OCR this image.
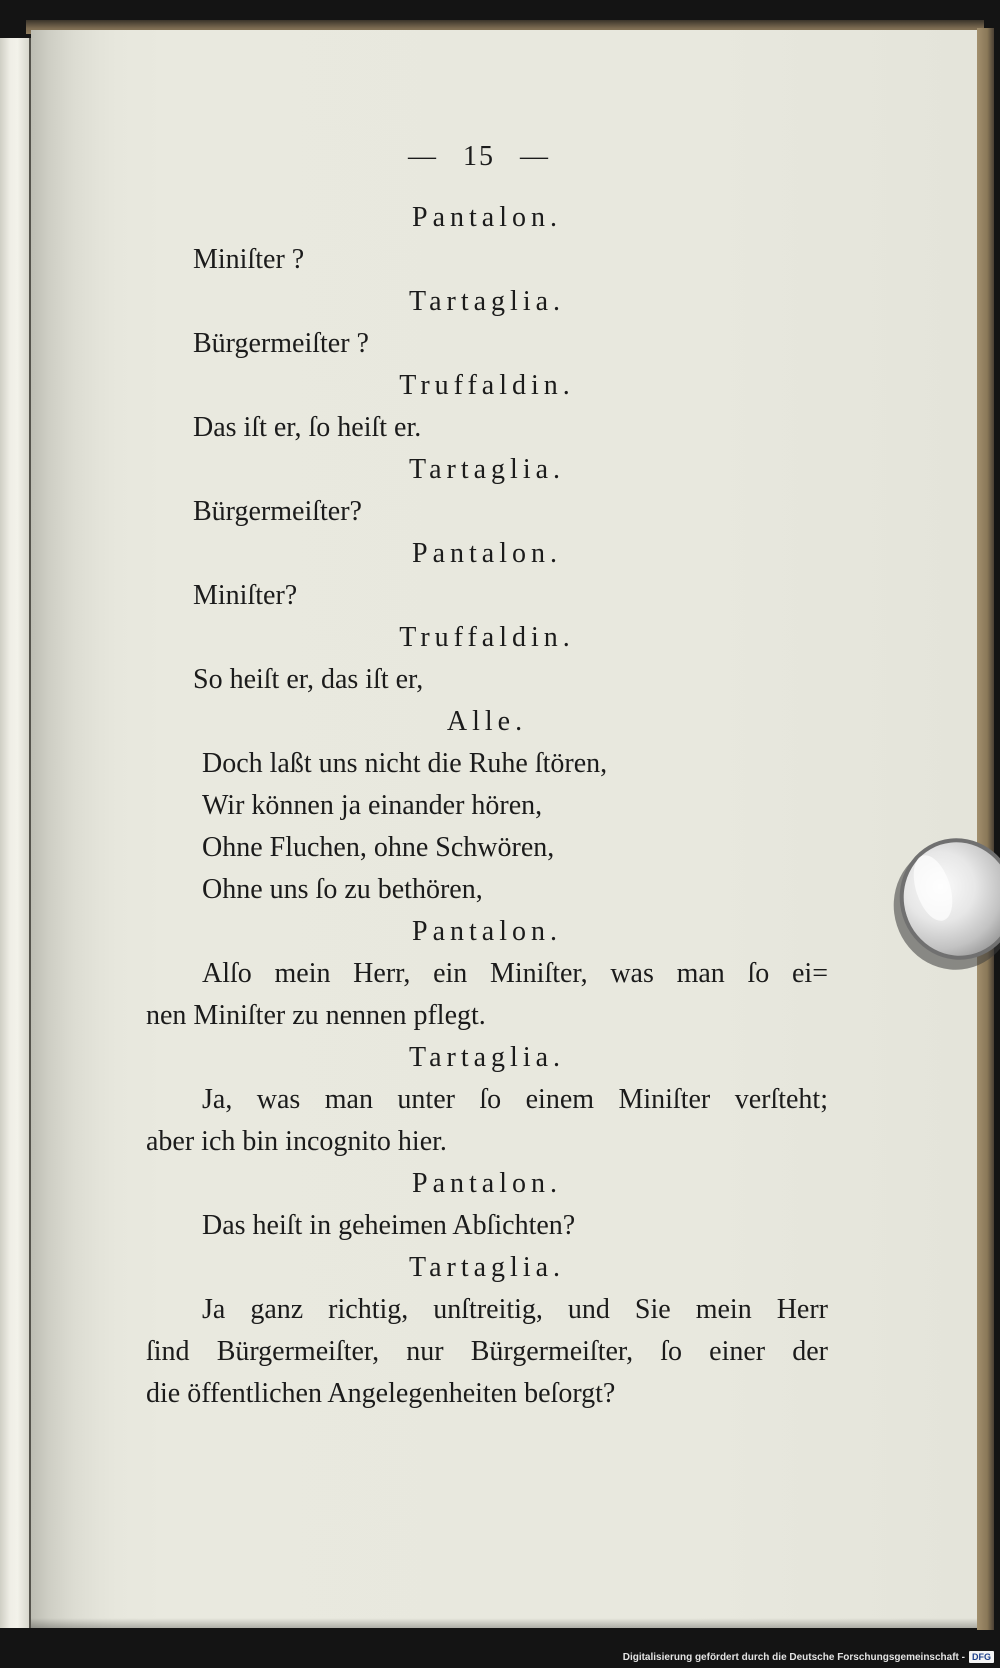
— 15 —
Pantalon.
Miniſter ?
Tartaglia.
Bürgermeiſter ?
Truffaldin.
Das iſt er, ſo heiſt er.
Tartaglia.
Bürgermeiſter?
Pantalon.
Miniſter?
Truffaldin.
So heiſt er, das iſt er,
Alle.
Doch laßt uns nicht die Ruhe ſtören,
Wir können ja einander hören,
Ohne Fluchen, ohne Schwören,
Ohne uns ſo zu bethören,
Pantalon.
Alſo mein Herr, ein Miniſter, was man ſo ei=
nen Miniſter zu nennen pflegt.
Tartaglia.
Ja, was man unter ſo einem Miniſter verſteht;
aber ich bin incognito hier.
Pantalon.
Das heiſt in geheimen Abſichten?
Tartaglia.
Ja ganz richtig, unſtreitig, und Sie mein Herr
ſind Bürgermeiſter, nur Bürgermeiſter, ſo einer der
die öffentlichen Angelegenheiten beſorgt?
Digitalisierung gefördert durch die Deutsche Forschungsgemeinschaft - DFG
